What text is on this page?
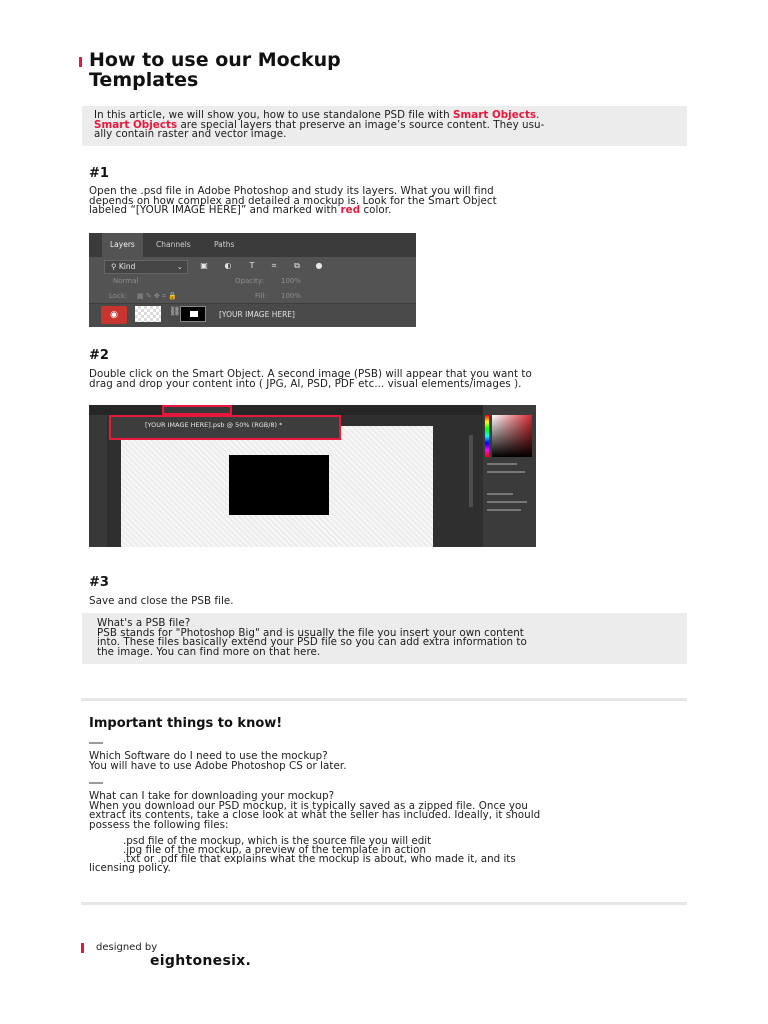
How to use our Mockup
Templates
In this article, we will show you, how to use standalone PSD file with Smart Objects.
Smart Objects are special layers that preserve an image’s source content. They usu-
ally contain raster and vector image.
#1
Open the .psd file in Adobe Photoshop and study its layers. What you will find
depends on how complex and detailed a mockup is. Look for the Smart Object
labeled “[YOUR IMAGE HERE]” and marked with red color.
Layers	Channels	Paths
⚲ Kind	⌄ ▣ ◐	T	⌗	⧉ ●
Normal	Opacity: 100%
Lock: ▦ ✎ ✥ ⌗ 🔒	Fill: 100%
◉	⛓	[YOUR IMAGE HERE]
#2
Double click on the Smart Object. A second image (PSB) will appear that you want to
drag and drop your content into ( JPG, AI, PSD, PDF etc... visual elements/images ).
[YOUR IMAGE HERE].psb @ 50% (RGB/8) *
#3
Save and close the PSB file.
What's a PSB file?
PSB stands for "Photoshop Big" and is usually the file you insert your own content
into. These files basically extend your PSD file so you can add extra information to
the image. You can find more on that here.
Important things to know!
Which Software do I need to use the mockup?
You will have to use Adobe Photoshop CS or later.
What can I take for downloading your mockup?
When you download our PSD mockup, it is typically saved as a zipped file. Once you
extract its contents, take a close look at what the seller has included. Ideally, it should
possess the following files:
.psd file of the mockup, which is the source file you will edit
.jpg file of the mockup, a preview of the template in action
.txt or .pdf file that explains what the mockup is about, who made it, and its
licensing policy.
designed by
eightonesix.
